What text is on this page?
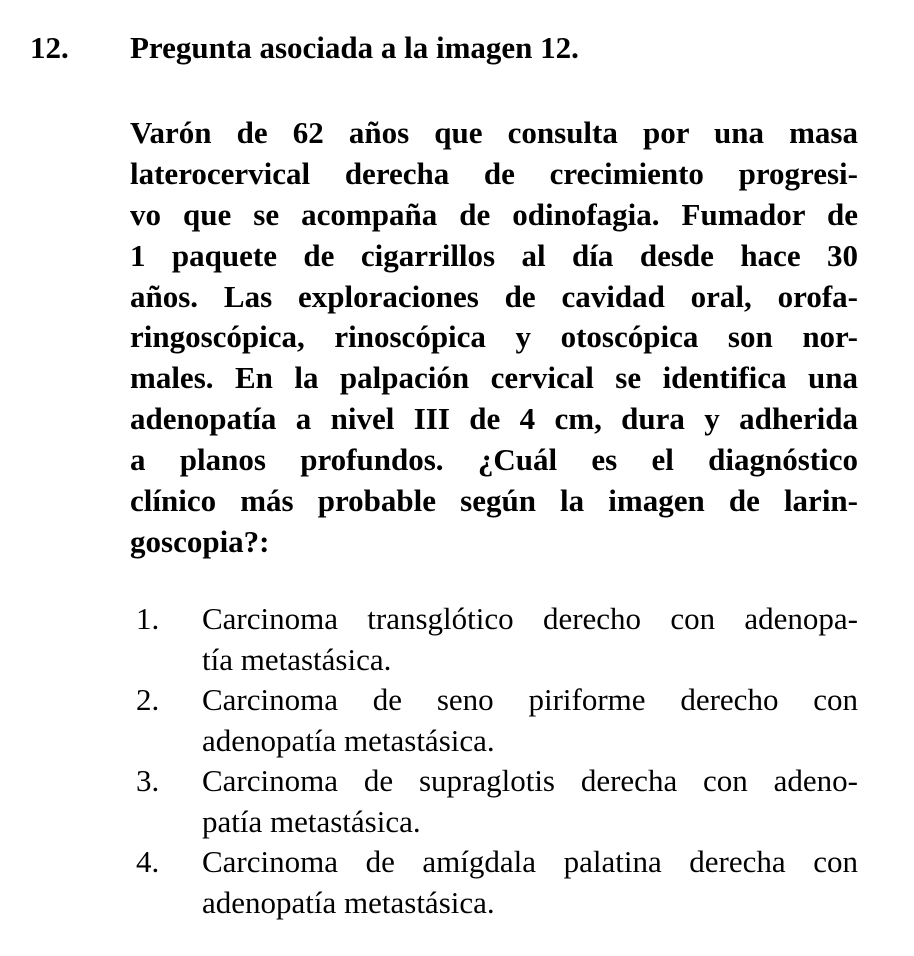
12. Pregunta asociada a la imagen 12.
Varón de 62 años que consulta por una masa
laterocervical derecha de crecimiento progresi-
vo que se acompaña de odinofagia. Fumador de
1 paquete de cigarrillos al día desde hace 30
años. Las exploraciones de cavidad oral, orofa-
ringoscópica, rinoscópica y otoscópica son nor-
males. En la palpación cervical se identifica una
adenopatía a nivel III de 4 cm, dura y adherida
a planos profundos. ¿Cuál es el diagnóstico
clínico más probable según la imagen de larin-
goscopia?:
1. Carcinoma transglótico derecho con adenopa-
tía metastásica.
2. Carcinoma de seno piriforme derecho con
adenopatía metastásica.
3. Carcinoma de supraglotis derecha con adeno-
patía metastásica.
4. Carcinoma de amígdala palatina derecha con
adenopatía metastásica.
